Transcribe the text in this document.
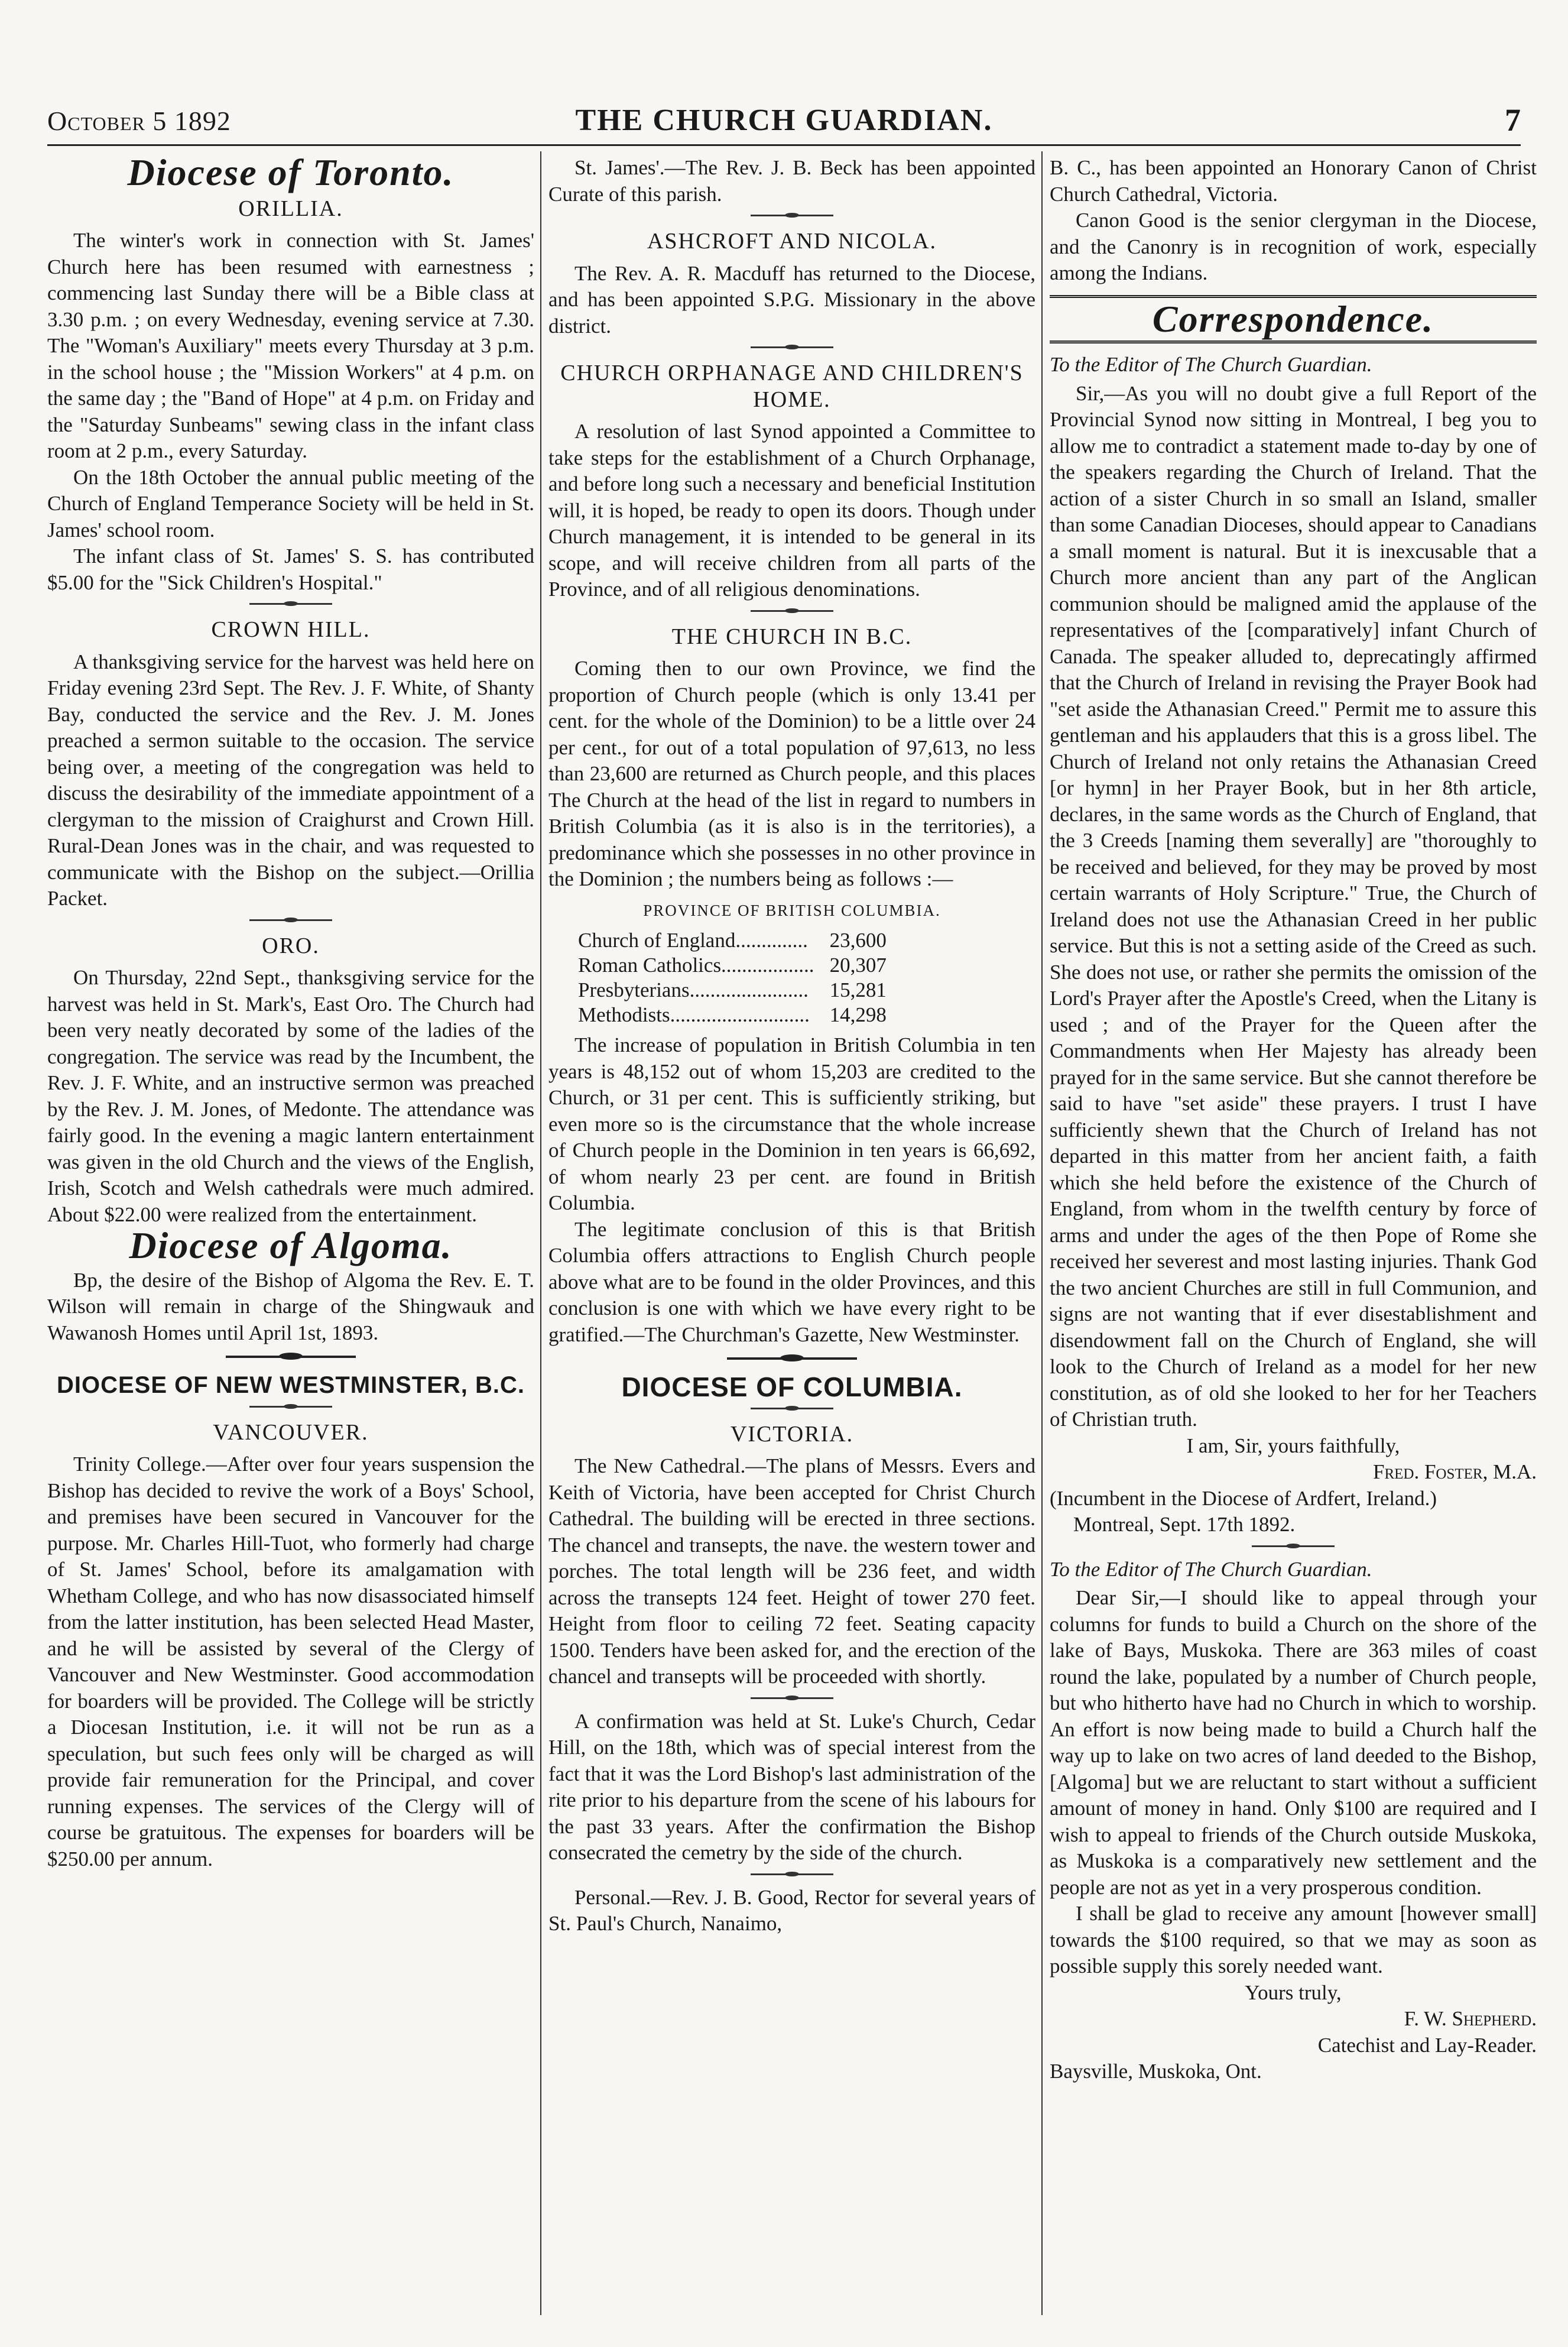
October 5 1892	THE CHURCH GUARDIAN.	7
Diocese of Toronto.
ORILLIA.

The winter's work in connection with St. James' Church here has been resumed with earnestness ; commencing last Sunday there will be a Bible class at 3.30 p.m. ; on every Wednesday, evening service at 7.30. The "Woman's Auxiliary" meets every Thursday at 3 p.m. in the school house ; the "Mission Workers" at 4 p.m. on the same day ; the "Band of Hope" at 4 p.m. on Friday and the "Saturday Sunbeams" sewing class in the infant class room at 2 p.m., every Saturday.

On the 18th October the annual public meeting of the Church of England Temperance Society will be held in St. James' school room.

The infant class of St. James' S. S. has contributed $5.00 for the "Sick Children's Hospital."

CROWN HILL.

A thanksgiving service for the harvest was held here on Friday evening 23rd Sept. The Rev. J. F. White, of Shanty Bay, conducted the service and the Rev. J. M. Jones preached a sermon suitable to the occasion. The service being over, a meeting of the congregation was held to discuss the desirability of the immediate appointment of a clergyman to the mission of Craighurst and Crown Hill. Rural-Dean Jones was in the chair, and was requested to communicate with the Bishop on the subject.—Orillia Packet.

ORO.

On Thursday, 22nd Sept., thanksgiving service for the harvest was held in St. Mark's, East Oro. The Church had been very neatly decorated by some of the ladies of the congregation. The service was read by the Incumbent, the Rev. J. F. White, and an instructive sermon was preached by the Rev. J. M. Jones, of Medonte. The attendance was fairly good. In the evening a magic lantern entertainment was given in the old Church and the views of the English, Irish, Scotch and Welsh cathedrals were much admired. About $22.00 were realized from the entertainment.

Diocese of Algoma.

Bp, the desire of the Bishop of Algoma the Rev. E. T. Wilson will remain in charge of the Shingwauk and Wawanosh Homes until April 1st, 1893.

DIOCESE OF NEW WESTMINSTER, B.C.
VANCOUVER.

Trinity College.—After over four years suspension the Bishop has decided to revive the work of a Boys' School, and premises have been secured in Vancouver for the purpose. Mr. Charles Hill-Tuot, who formerly had charge of St. James' School, before its amalgamation with Whetham College, and who has now disassociated himself from the latter institution, has been selected Head Master, and he will be assisted by several of the Clergy of Vancouver and New Westminster. Good accommodation for boarders will be provided. The College will be strictly a Diocesan Institution, i.e. it will not be run as a speculation, but such fees only will be charged as will provide fair remuneration for the Principal, and cover running expenses. The services of the Clergy will of course be gratuitous. The expenses for boarders will be $250.00 per annum.

St. James'.—The Rev. J. B. Beck has been appointed Curate of this parish.

ASHCROFT AND NICOLA.

The Rev. A. R. Macduff has returned to the Diocese, and has been appointed S.P.G. Missionary in the above district.

CHURCH ORPHANAGE AND CHILDREN'S HOME.

A resolution of last Synod appointed a Committee to take steps for the establishment of a Church Orphanage, and before long such a necessary and beneficial Institution will, it is hoped, be ready to open its doors. Though under Church management, it is intended to be general in its scope, and will receive children from all parts of the Province, and of all religious denominations.

THE CHURCH IN B.C.

Coming then to our own Province, we find the proportion of Church people (which is only 13.41 per cent. for the whole of the Dominion) to be a little over 24 per cent., for out of a total population of 97,613, no less than 23,600 are returned as Church people, and this places The Church at the head of the list in regard to numbers in British Columbia (as it is also is in the territories), a predominance which she possesses in no other province in the Dominion ; the numbers being as follows :—

PROVINCE OF BRITISH COLUMBIA.
Church of England..............	23,600
Roman Catholics..................	20,307
Presbyterians.......................	15,281
Methodists...........................	14,298

The increase of population in British Columbia in ten years is 48,152 out of whom 15,203 are credited to the Church, or 31 per cent. This is sufficiently striking, but even more so is the circumstance that the whole increase of Church people in the Dominion in ten years is 66,692, of whom nearly 23 per cent. are found in British Columbia.

The legitimate conclusion of this is that British Columbia offers attractions to English Church people above what are to be found in the older Provinces, and this conclusion is one with which we have every right to be gratified.—The Churchman's Gazette, New Westminster.

DIOCESE OF COLUMBIA.
VICTORIA.

The New Cathedral.—The plans of Messrs. Evers and Keith of Victoria, have been accepted for Christ Church Cathedral. The building will be erected in three sections. The chancel and transepts, the nave. the western tower and porches. The total length will be 236 feet, and width across the transepts 124 feet. Height of tower 270 feet. Height from floor to ceiling 72 feet. Seating capacity 1500. Tenders have been asked for, and the erection of the chancel and transepts will be proceeded with shortly.

A confirmation was held at St. Luke's Church, Cedar Hill, on the 18th, which was of special interest from the fact that it was the Lord Bishop's last administration of the rite prior to his departure from the scene of his labours for the past 33 years. After the confirmation the Bishop consecrated the cemetry by the side of the church.

Personal.—Rev. J. B. Good, Rector for several years of St. Paul's Church, Nanaimo,

B. C., has been appointed an Honorary Canon of Christ Church Cathedral, Victoria.

Canon Good is the senior clergyman in the Diocese, and the Canonry is in recognition of work, especially among the Indians.

Correspondence.
To the Editor of The Church Guardian.

Sir,—As you will no doubt give a full Report of the Provincial Synod now sitting in Montreal, I beg you to allow me to contradict a statement made to-day by one of the speakers regarding the Church of Ireland. That the action of a sister Church in so small an Island, smaller than some Canadian Dioceses, should appear to Canadians a small moment is natural. But it is inexcusable that a Church more ancient than any part of the Anglican communion should be maligned amid the applause of the representatives of the [comparatively] infant Church of Canada. The speaker alluded to, deprecatingly affirmed that the Church of Ireland in revising the Prayer Book had "set aside the Athanasian Creed." Permit me to assure this gentleman and his applauders that this is a gross libel. The Church of Ireland not only retains the Athanasian Creed [or hymn] in her Prayer Book, but in her 8th article, declares, in the same words as the Church of England, that the 3 Creeds [naming them severally] are "thoroughly to be received and believed, for they may be proved by most certain warrants of Holy Scripture." True, the Church of Ireland does not use the Athanasian Creed in her public service. But this is not a setting aside of the Creed as such. She does not use, or rather she permits the omission of the Lord's Prayer after the Apostle's Creed, when the Litany is used ; and of the Prayer for the Queen after the Commandments when Her Majesty has already been prayed for in the same service. But she cannot therefore be said to have "set aside" these prayers. I trust I have sufficiently shewn that the Church of Ireland has not departed in this matter from her ancient faith, a faith which she held before the existence of the Church of England, from whom in the twelfth century by force of arms and under the ages of the then Pope of Rome she received her severest and most lasting injuries. Thank God the two ancient Churches are still in full Communion, and signs are not wanting that if ever disestablishment and disendowment fall on the Church of England, she will look to the Church of Ireland as a model for her new constitution, as of old she looked to her for her Teachers of Christian truth.

I am, Sir, yours faithfully,
Fred. Foster, M.A.
(Incumbent in the Diocese of Ardfert, Ireland.)
Montreal, Sept. 17th 1892.
To the Editor of The Church Guardian.

Dear Sir,—I should like to appeal through your columns for funds to build a Church on the shore of the lake of Bays, Muskoka. There are 363 miles of coast round the lake, populated by a number of Church people, but who hitherto have had no Church in which to worship. An effort is now being made to build a Church half the way up to lake on two acres of land deeded to the Bishop, [Algoma] but we are reluctant to start without a sufficient amount of money in hand. Only $100 are required and I wish to appeal to friends of the Church outside Muskoka, as Muskoka is a comparatively new settlement and the people are not as yet in a very prosperous condition.

I shall be glad to receive any amount [however small] towards the $100 required, so that we may as soon as possible supply this sorely needed want.

Yours truly,
F. W. Shepherd.
Catechist and Lay-Reader.
Baysville, Muskoka, Ont.
